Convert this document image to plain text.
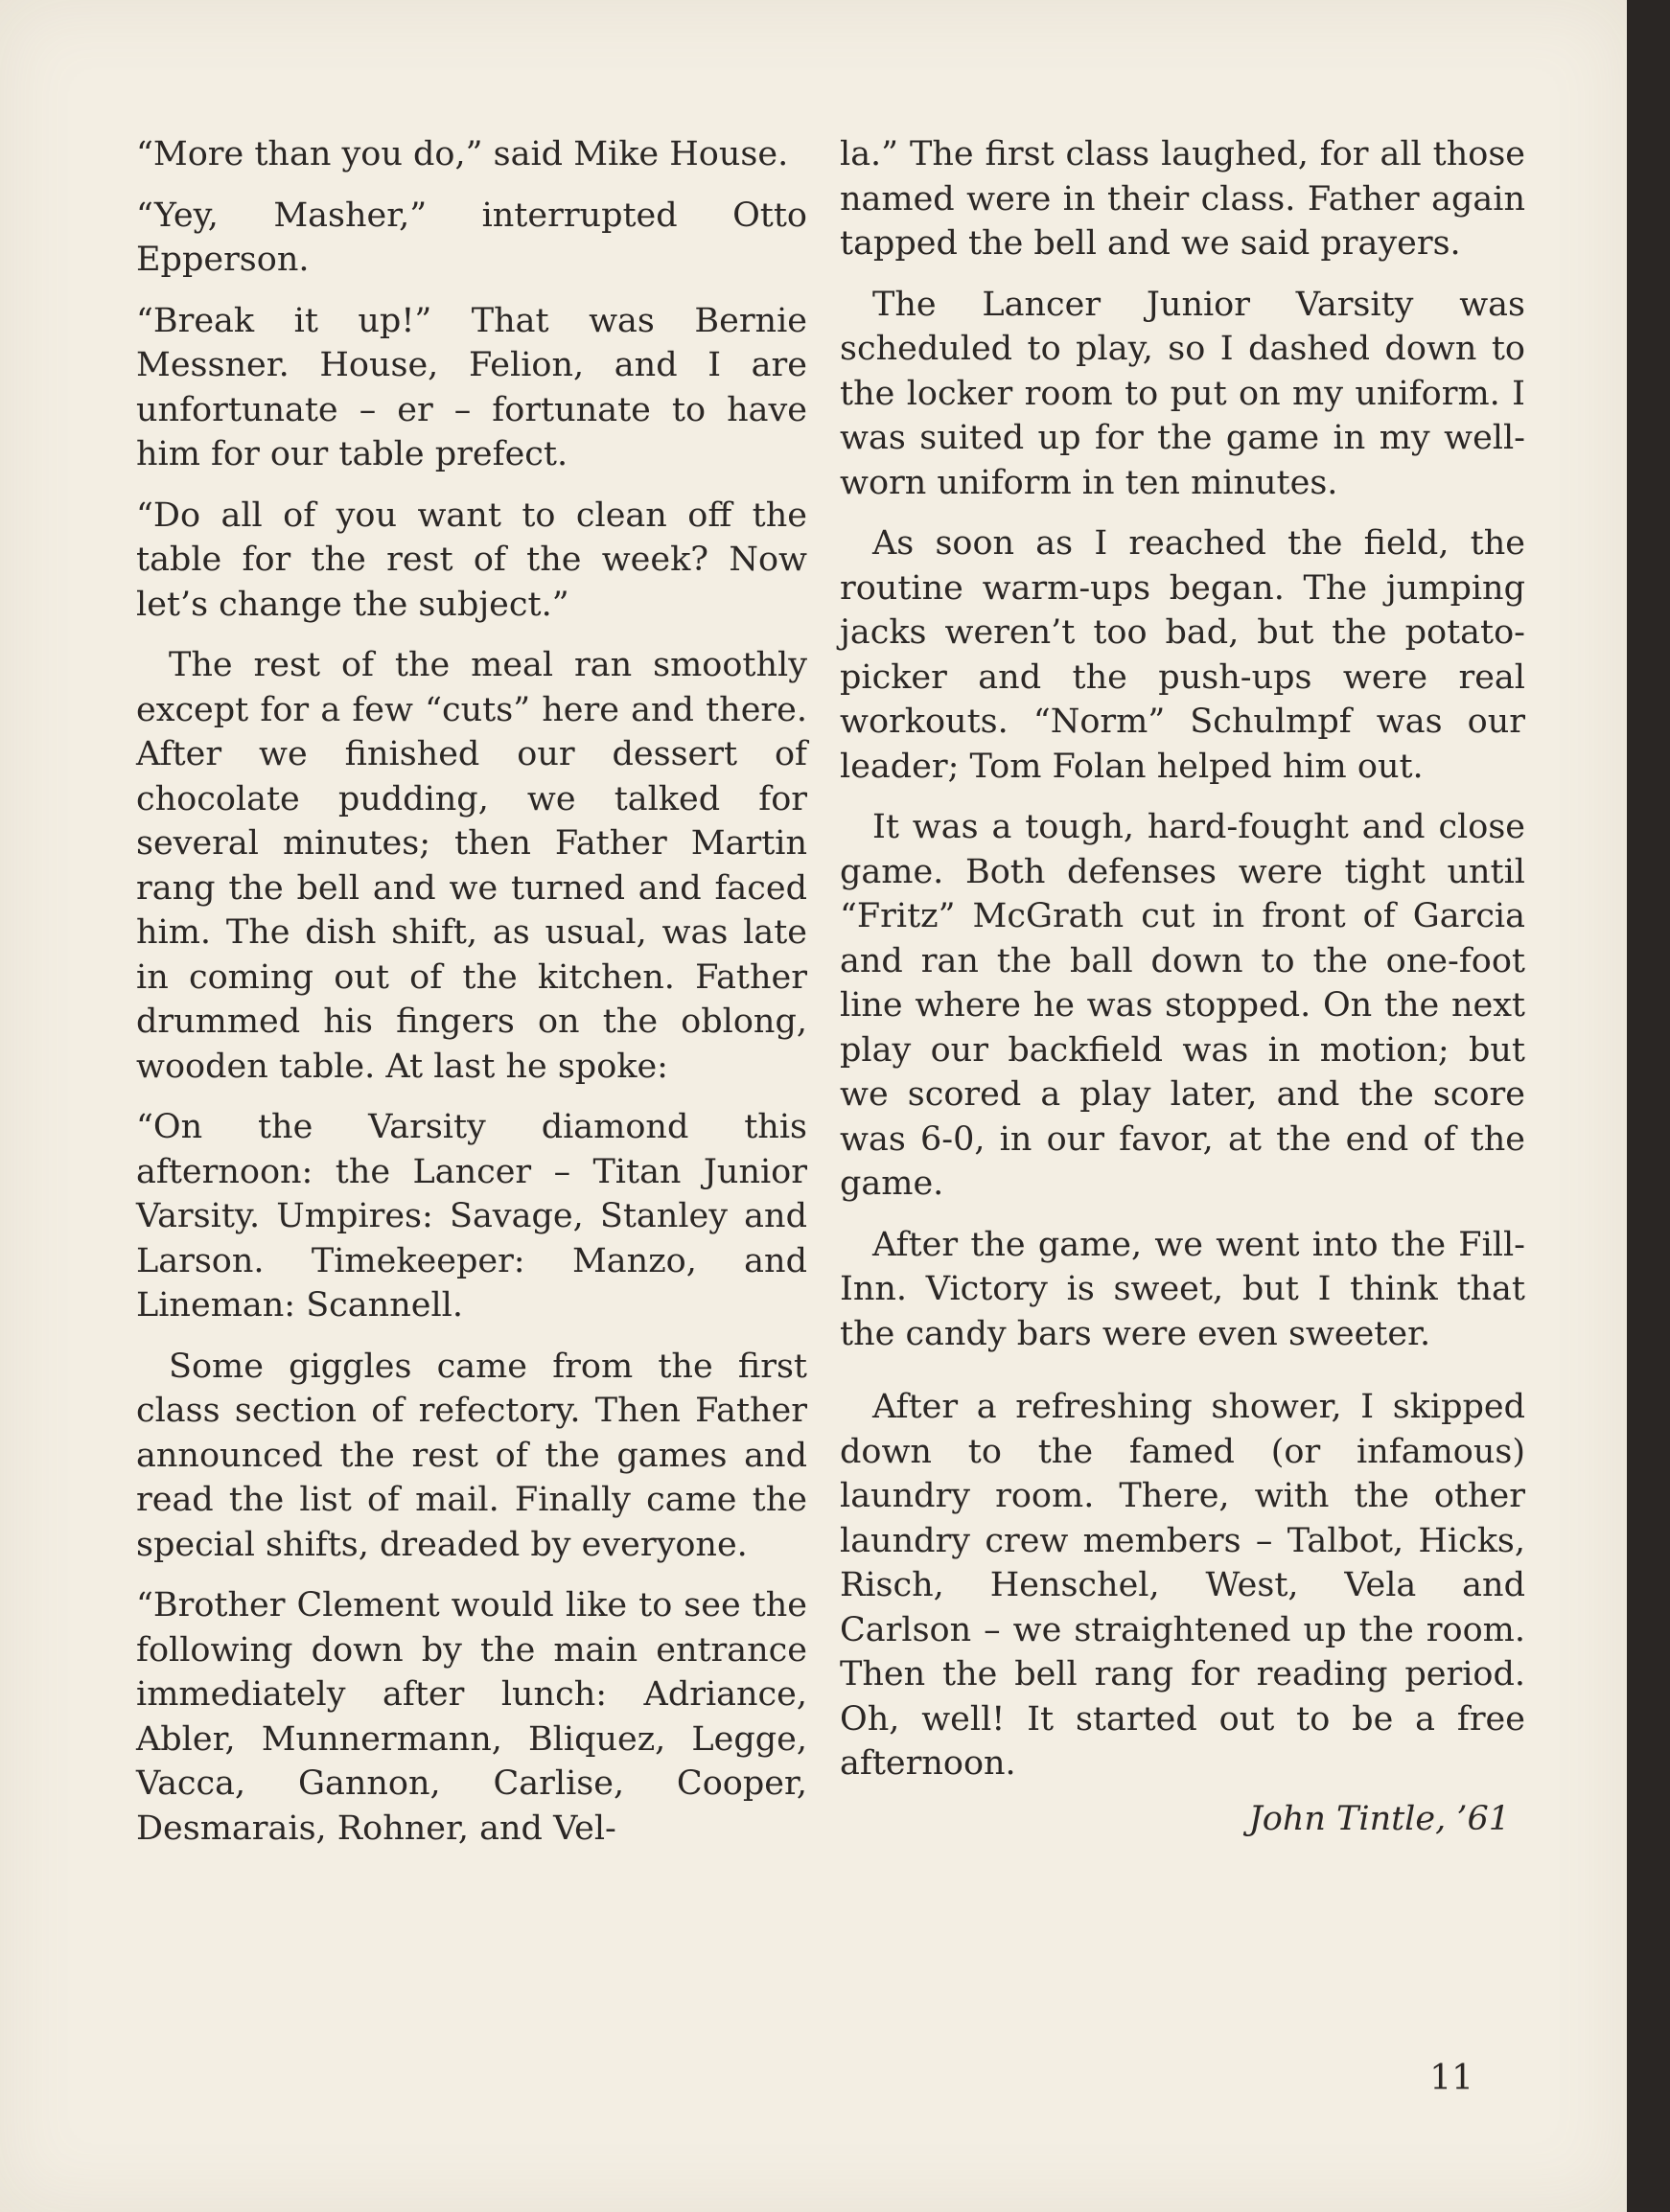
“More than you do,” said Mike House.

“Yey, Masher,” interrupted Otto Epperson.

“Break it up!” That was Bernie Messner. House, Felion, and I are unfortunate – er – fortunate to have him for our table prefect.

“Do all of you want to clean off the table for the rest of the week? Now let’s change the subject.”

The rest of the meal ran smoothly except for a few “cuts” here and there. After we finished our dessert of chocolate pudding, we talked for several minutes; then Father Martin rang the bell and we turned and faced him. The dish shift, as usual, was late in coming out of the kitchen. Father drummed his fingers on the oblong, wooden table. At last he spoke:

“On the Varsity diamond this afternoon: the Lancer – Titan Junior Varsity. Umpires: Savage, Stanley and Larson. Timekeeper: Manzo, and Lineman: Scannell.

Some giggles came from the first class section of refectory. Then Father announced the rest of the games and read the list of mail. Finally came the special shifts, dreaded by everyone.

“Brother Clement would like to see the following down by the main entrance immediately after lunch: Adriance, Abler, Munnermann, Bliquez, Legge, Vacca, Gannon, Carlise, Cooper, Desmarais, Rohner, and Vel-

la.” The first class laughed, for all those named were in their class. Father again tapped the bell and we said prayers.

The Lancer Junior Varsity was scheduled to play, so I dashed down to the locker room to put on my uniform. I was suited up for the game in my well-worn uniform in ten minutes.

As soon as I reached the field, the routine warm-ups began. The jumping jacks weren’t too bad, but the potato-picker and the push-ups were real workouts. “Norm” Schulmpf was our leader; Tom Folan helped him out.

It was a tough, hard-fought and close game. Both defenses were tight until “Fritz” McGrath cut in front of Garcia and ran the ball down to the one-foot line where he was stopped. On the next play our backfield was in motion; but we scored a play later, and the score was 6-0, in our favor, at the end of the game.

After the game, we went into the Fill-Inn. Victory is sweet, but I think that the candy bars were even sweeter.

After a refreshing shower, I skipped down to the famed (or infamous) laundry room. There, with the other laundry crew members – Talbot, Hicks, Risch, Henschel, West, Vela and Carlson – we straightened up the room. Then the bell rang for reading period. Oh, well! It started out to be a free afternoon.

John Tintle, ’61

11
